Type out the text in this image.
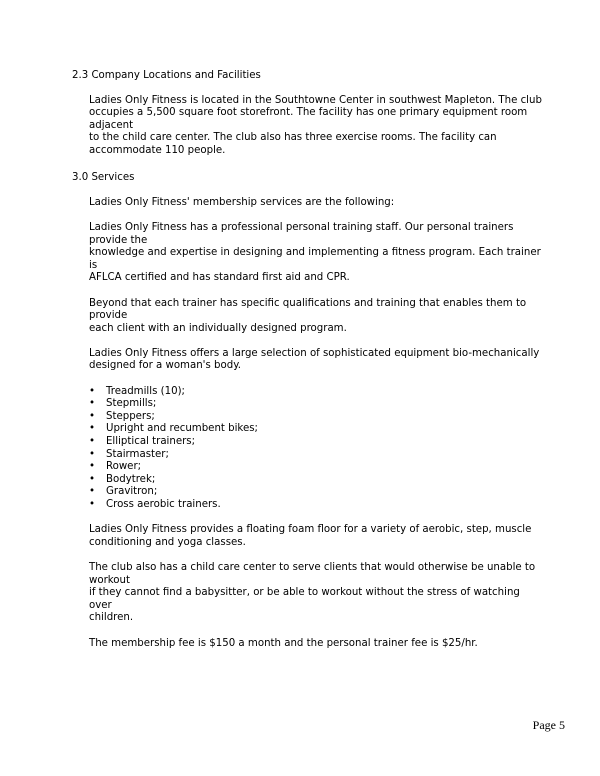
2.3 Company Locations and Facilities
Ladies Only Fitness is located in the Southtowne Center in southwest Mapleton. The club
occupies a 5,500 square foot storefront. The facility has one primary equipment room adjacent
to the child care center. The club also has three exercise rooms. The facility can
accommodate 110 people.
3.0 Services
Ladies Only Fitness' membership services are the following:
Ladies Only Fitness has a professional personal training staff. Our personal trainers provide the
knowledge and expertise in designing and implementing a fitness program. Each trainer is
AFLCA certified and has standard first aid and CPR.
Beyond that each trainer has specific qualifications and training that enables them to provide
each client with an individually designed program.
Ladies Only Fitness offers a large selection of sophisticated equipment bio-mechanically
designed for a woman's body.
• Treadmills (10);
• Stepmills;
• Steppers;
• Upright and recumbent bikes;
• Elliptical trainers;
• Stairmaster;
• Rower;
• Bodytrek;
• Gravitron;
• Cross aerobic trainers.
Ladies Only Fitness provides a floating foam floor for a variety of aerobic, step, muscle
conditioning and yoga classes.
The club also has a child care center to serve clients that would otherwise be unable to workout
if they cannot find a babysitter, or be able to workout without the stress of watching over
children.
The membership fee is $150 a month and the personal trainer fee is $25/hr.
Page 5
